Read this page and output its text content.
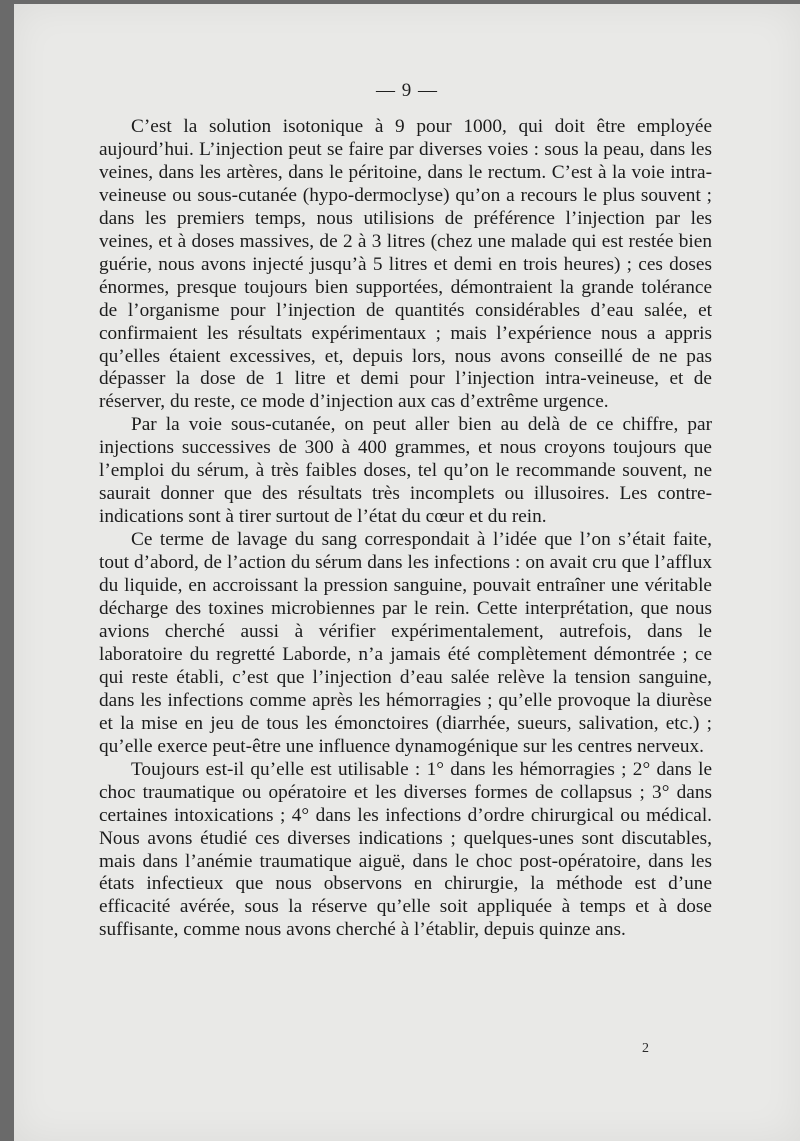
— 9 —

C’est la solution isotonique à 9 pour 1000, qui doit être employée aujourd’hui. L’injection peut se faire par diverses voies : sous la peau, dans les veines, dans les artères, dans le péritoine, dans le rectum. C’est à la voie intra-veineuse ou sous-cutanée (hypo-dermoclyse) qu’on a recours le plus souvent ; dans les premiers temps, nous utilisions de préférence l’injection par les veines, et à doses massives, de 2 à 3 litres (chez une malade qui est restée bien guérie, nous avons injecté jusqu’à 5 litres et demi en trois heures) ; ces doses énormes, presque toujours bien supportées, démontraient la grande tolérance de l’organisme pour l’injection de quantités considérables d’eau salée, et confirmaient les résultats expérimentaux ; mais l’expérience nous a appris qu’elles étaient excessives, et, depuis lors, nous avons conseillé de ne pas dépasser la dose de 1 litre et demi pour l’injection intra-veineuse, et de réserver, du reste, ce mode d’injection aux cas d’extrême urgence.

Par la voie sous-cutanée, on peut aller bien au delà de ce chiffre, par injections successives de 300 à 400 grammes, et nous croyons toujours que l’emploi du sérum, à très faibles doses, tel qu’on le recommande souvent, ne saurait donner que des résultats très incomplets ou illusoires. Les contre-indications sont à tirer surtout de l’état du cœur et du rein.

Ce terme de lavage du sang correspondait à l’idée que l’on s’était faite, tout d’abord, de l’action du sérum dans les infections : on avait cru que l’afflux du liquide, en accroissant la pression sanguine, pouvait entraîner une véritable décharge des toxines microbiennes par le rein. Cette interprétation, que nous avions cherché aussi à vérifier expérimentalement, autrefois, dans le laboratoire du regretté Laborde, n’a jamais été complètement démontrée ; ce qui reste établi, c’est que l’injection d’eau salée relève la tension sanguine, dans les infections comme après les hémorragies ; qu’elle provoque la diurèse et la mise en jeu de tous les émonctoires (diarrhée, sueurs, salivation, etc.) ; qu’elle exerce peut-être une influence dynamogénique sur les centres nerveux.

Toujours est-il qu’elle est utilisable : 1° dans les hémorragies ; 2° dans le choc traumatique ou opératoire et les diverses formes de collapsus ; 3° dans certaines intoxications ; 4° dans les infections d’ordre chirurgical ou médical. Nous avons étudié ces diverses indications ; quelques-unes sont discutables, mais dans l’anémie traumatique aiguë, dans le choc post-opératoire, dans les états infectieux que nous observons en chirurgie, la méthode est d’une efficacité avérée, sous la réserve qu’elle soit appliquée à temps et à dose suffisante, comme nous avons cherché à l’établir, depuis quinze ans.

2
